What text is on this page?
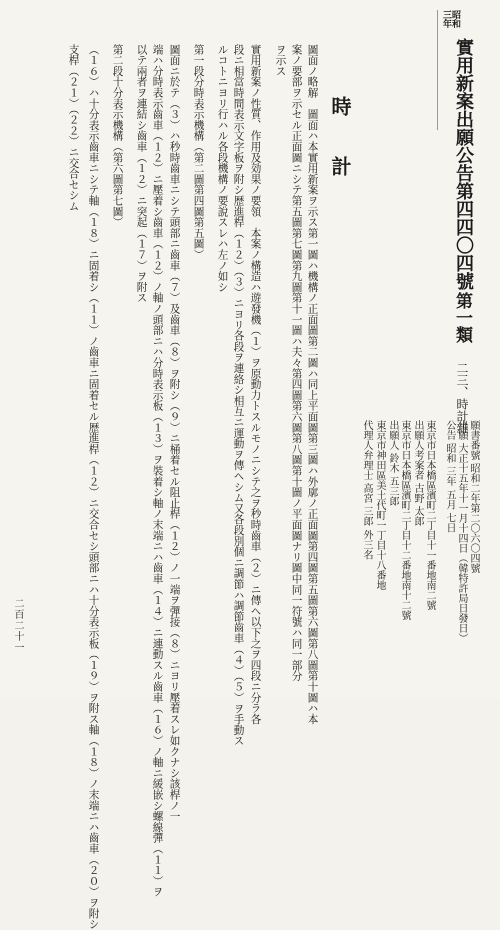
昭和
三年
實用新案出願公告第四四〇四號
第一類
二三、時計雜
願書番號 昭和二年第二〇六〇四號
出願 大正十五年十一月十四日（韓特許局日發日）
公告 昭和 三年 五月 七日
東京市日本橋區濱町二丁目十一番地南二號
出願人考案者 古野 太郎
東京市日本橋區濱町二丁目十二番地南十二號
出願人 鈴木 五三郎
東京市神田區美土代町一丁目十八番地
代理人弁理士 高宮 三郎 外三名
時　　計
圖面ノ略解　圖面ハ本實用新案ヲ示ス第一圖ハ機構ノ正面圖第二圖ハ同上平面圖第三圖ハ外廓ノ正面圖第四圖第五圖第六圖第八圖第十圖ハ本
案ノ要部ヲ示セル正面圖ニシテ第五圖第七圖第九圖第十一圖ハ夫々第四圖第六圖第八圖第十圖ノ平面圖ナリ圖中同一符號ハ同一部分
ヲ示ス
實用新案ノ性質、作用及効果ノ要領　本案ノ構造ハ遊發機（１）ヲ原動力トスルモノニシテ之ヲ秒時齒車（２）ニ傳ヘ以下之ヲ四段ニ分ラ各
段ニ相當時間表示文字板ヲ附シ歴進桿（１２）（３）ニヨリ各段ヲ連絡シ相互ニ運動ヲ傳ヘシム又各段別個ニ調節ハ調節齒車（４）（５）ヲ手動ス
ルコトニヨリ行ハル各段機構ノ要說スレハ左ノ如シ
第一段分時表示機構（第二圖第四圖第五圖）
圖面ニ於テ（３）ハ秒時齒車ニシテ頭部ニ齒車（７）及齒車（８）ヲ附シ（９）ニ桶着セル阻止桿（１２）ノ一端ヲ彈接（８）ニヨリ壓着スレ如クナシ該桿ノ一
端ハ分時表示齒車（１２）ニ壓着シ齒車（１２）ノ軸ノ頭部ニハ分時表示板（１３）ヲ裝着シ軸ノ末端ニハ齒車（１４）ニ連動スル齒車（１６）ノ軸ニ緩嵌シ螺線彈（１１）ヲ
以テ兩者ヲ連結シ齒車（１２）ニ突起（１７）ヲ附ス
第二段十分表示機構（第六圖第七圖）
（１６）ハ十分表示齒車ニシテ軸（１８）ニ固着シ（１１）ノ齒車ニ固着セル歴進桿（１２）ニ交合セシ頭部ニハ十分表示板（１９）ヲ附ス軸（１８）ノ末端ニハ齒車（２０）ヲ附シ
支桿（２１）（２２）ニ交合セシム
二百二十一
